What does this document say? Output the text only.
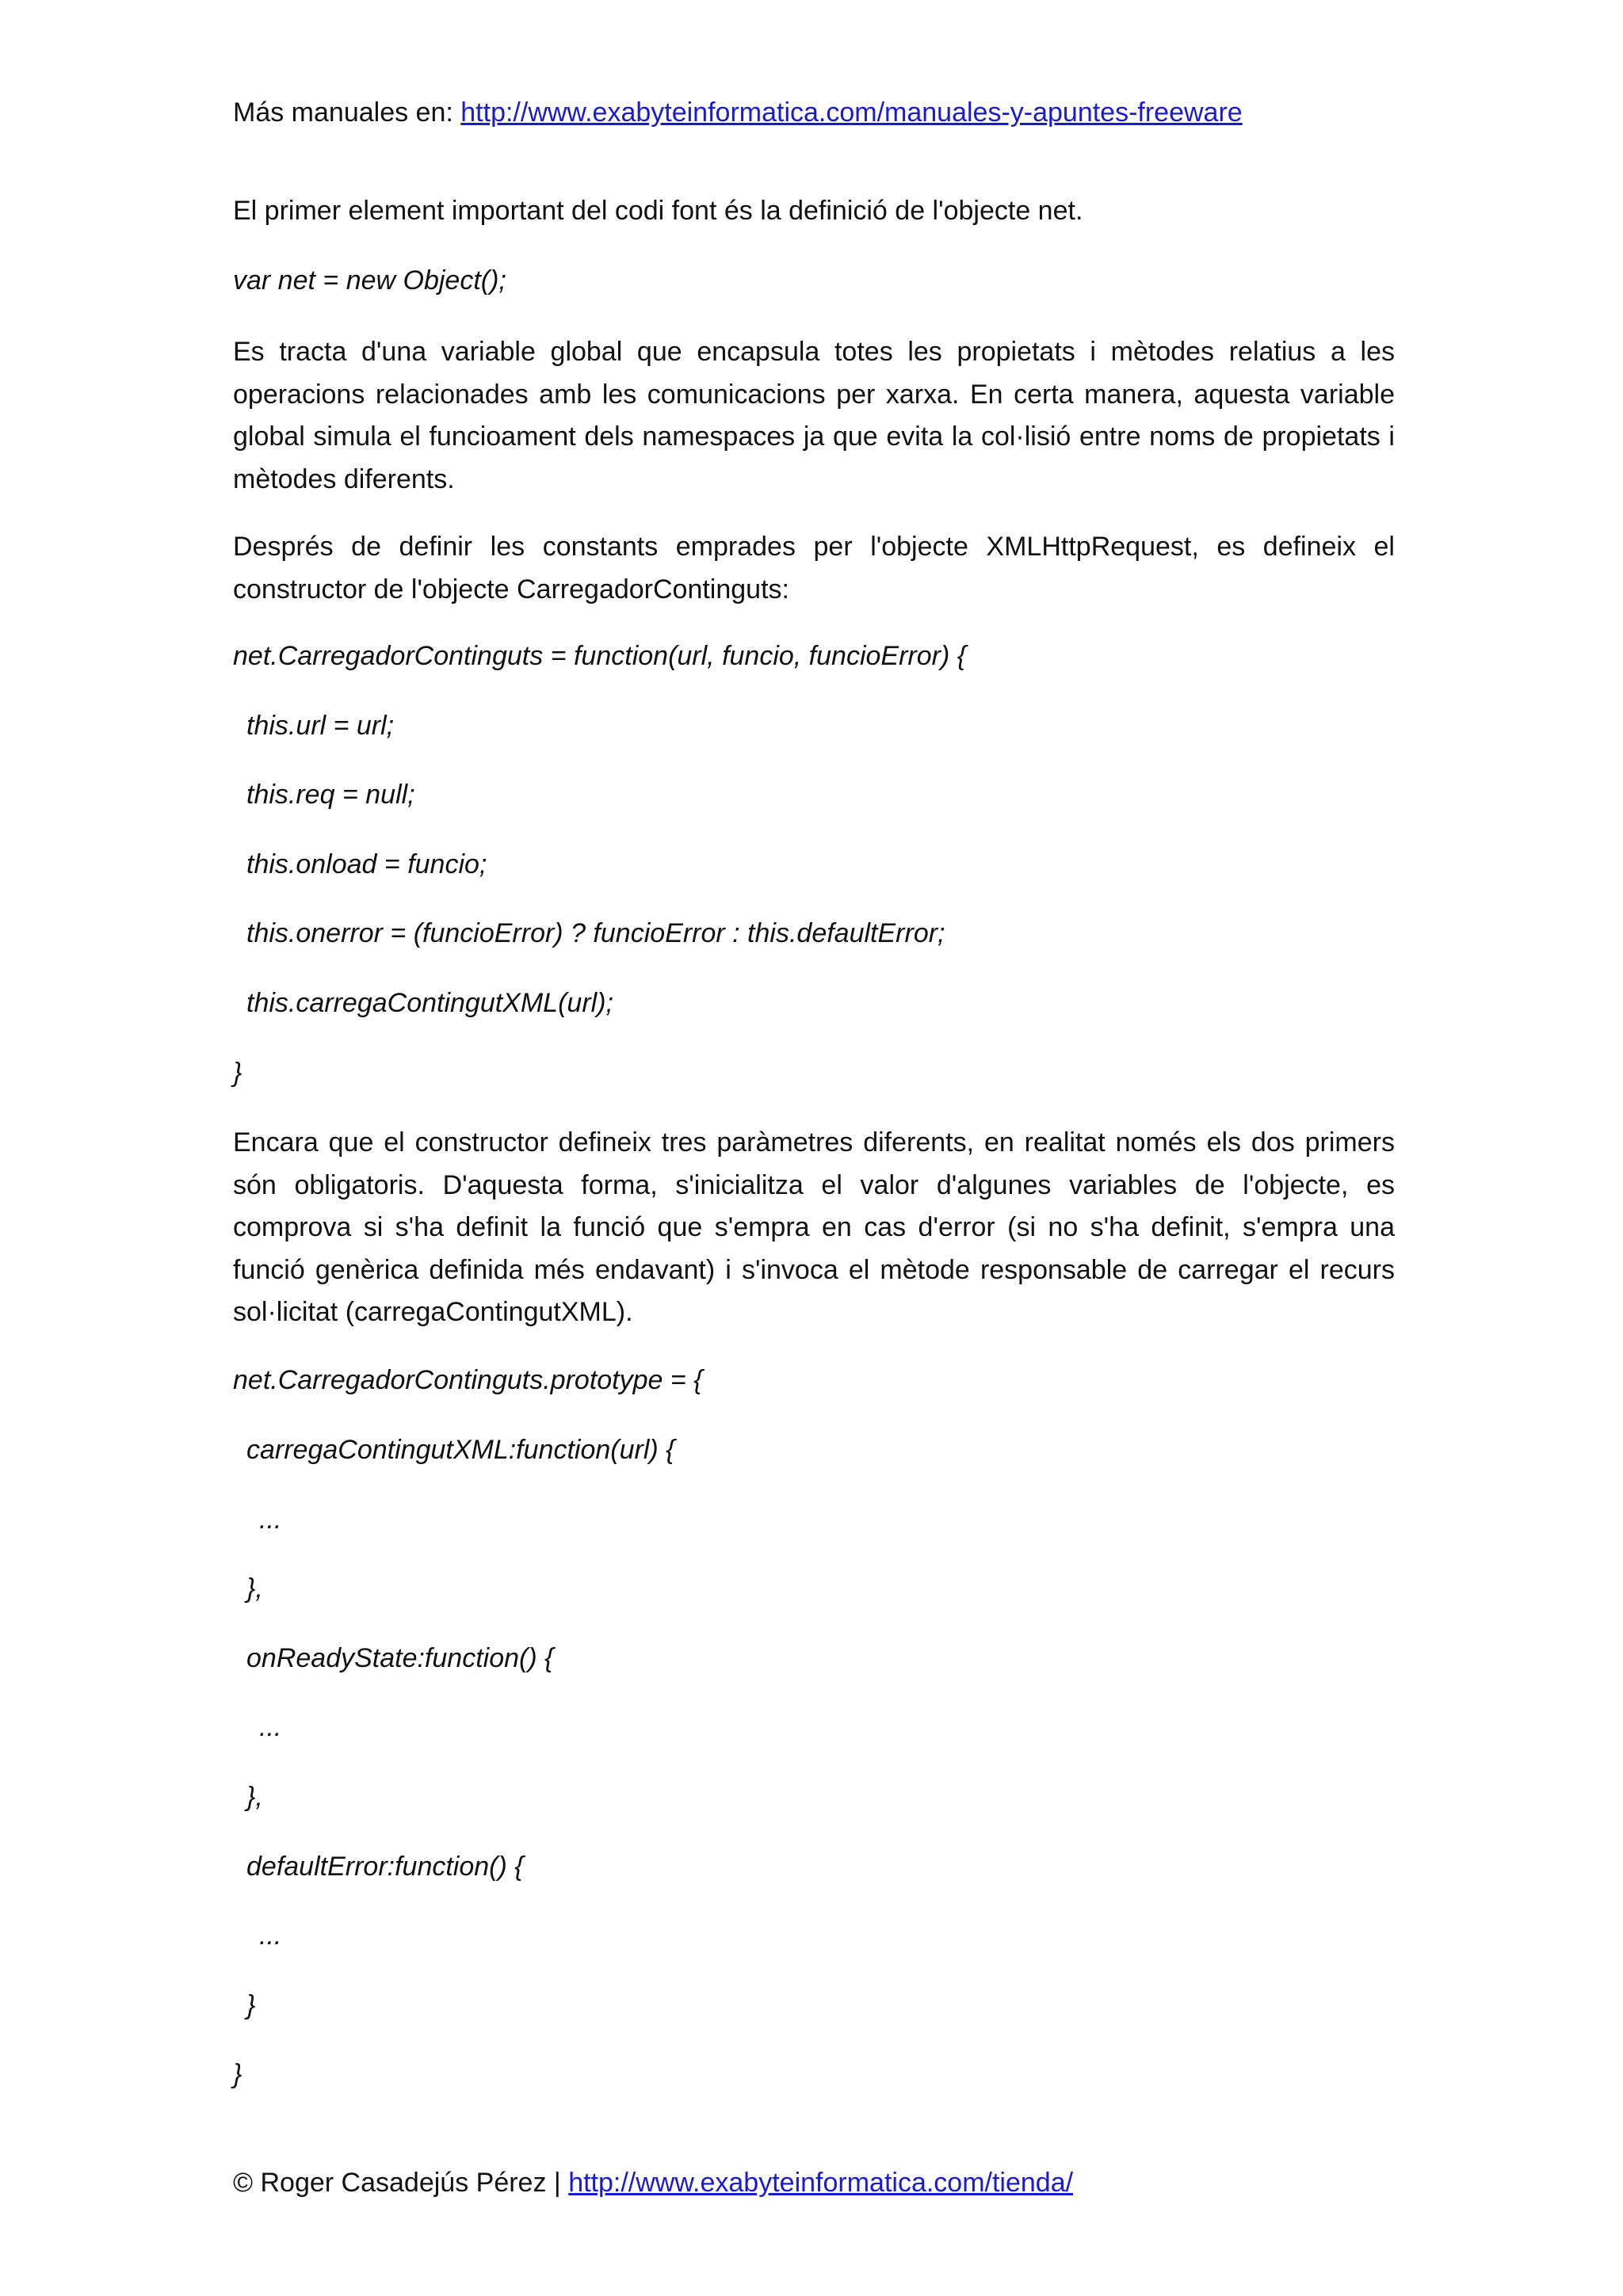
Más manuales en: http://www.exabyteinformatica.com/manuales-y-apuntes-freeware
El primer element important del codi font és la definició de l'objecte net.
var net = new Object();
Es tracta d'una variable global que encapsula totes les propietats i mètodes relatius a les operacions relacionades amb les comunicacions per xarxa. En certa manera, aquesta variable global simula el funcioament dels namespaces ja que evita la col·lisió entre noms de propietats i mètodes diferents.
Després de definir les constants emprades per l'objecte XMLHttpRequest, es defineix el constructor de l'objecte CarregadorContinguts:
net.CarregadorContinguts = function(url, funcio, funcioError) {
this.url = url;
this.req = null;
this.onload = funcio;
this.onerror = (funcioError) ? funcioError : this.defaultError;
this.carregaContingutXML(url);
}
Encara que el constructor defineix tres paràmetres diferents, en realitat només els dos primers són obligatoris. D'aquesta forma, s'inicialitza el valor d'algunes variables de l'objecte, es comprova si s'ha definit la funció que s'empra en cas d'error (si no s'ha definit, s'empra una funció genèrica definida més endavant) i s'invoca el mètode responsable de carregar el recurs sol·licitat (carregaContingutXML).
net.CarregadorContinguts.prototype = {
carregaContingutXML:function(url) {
...
},
onReadyState:function() {
...
},
defaultError:function() {
...
}
}
© Roger Casadejús Pérez | http://www.exabyteinformatica.com/tienda/
